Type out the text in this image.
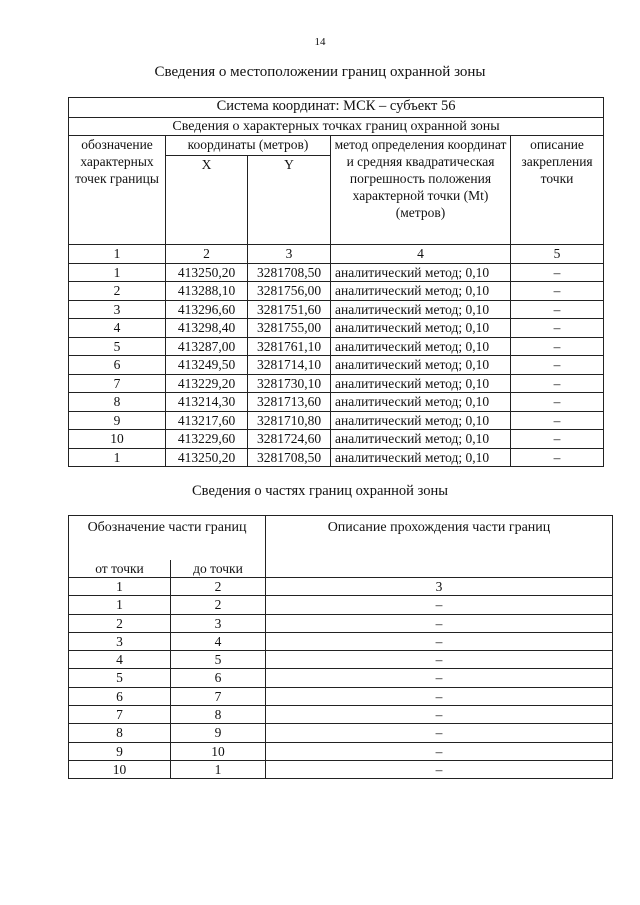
14
Сведения о местоположении границ охранной зоны
Система координат: МСК – субъект 56				
Сведения о характерных точках границ охранной зоны				
обозначение характерных точек границы	координаты (метров)		метод определения координат и средняя квадратическая погрешность положения характерной точки (Mt) (метров)	описание закрепления точки
	X	Y		
1	2	3	4	5
1	413250,20	3281708,50	аналитический метод; 0,10	–
2	413288,10	3281756,00	аналитический метод; 0,10	–
3	413296,60	3281751,60	аналитический метод; 0,10	–
4	413298,40	3281755,00	аналитический метод; 0,10	–
5	413287,00	3281761,10	аналитический метод; 0,10	–
6	413249,50	3281714,10	аналитический метод; 0,10	–
7	413229,20	3281730,10	аналитический метод; 0,10	–
8	413214,30	3281713,60	аналитический метод; 0,10	–
9	413217,60	3281710,80	аналитический метод; 0,10	–
10	413229,60	3281724,60	аналитический метод; 0,10	–
1	413250,20	3281708,50	аналитический метод; 0,10	–
Сведения о частях границ охранной зоны
Обозначение части границ		Описание прохождения части границ
от точки	до точки	
1	2	3
1	2	–
2	3	–
3	4	–
4	5	–
5	6	–
6	7	–
7	8	–
8	9	–
9	10	–
10	1	–
